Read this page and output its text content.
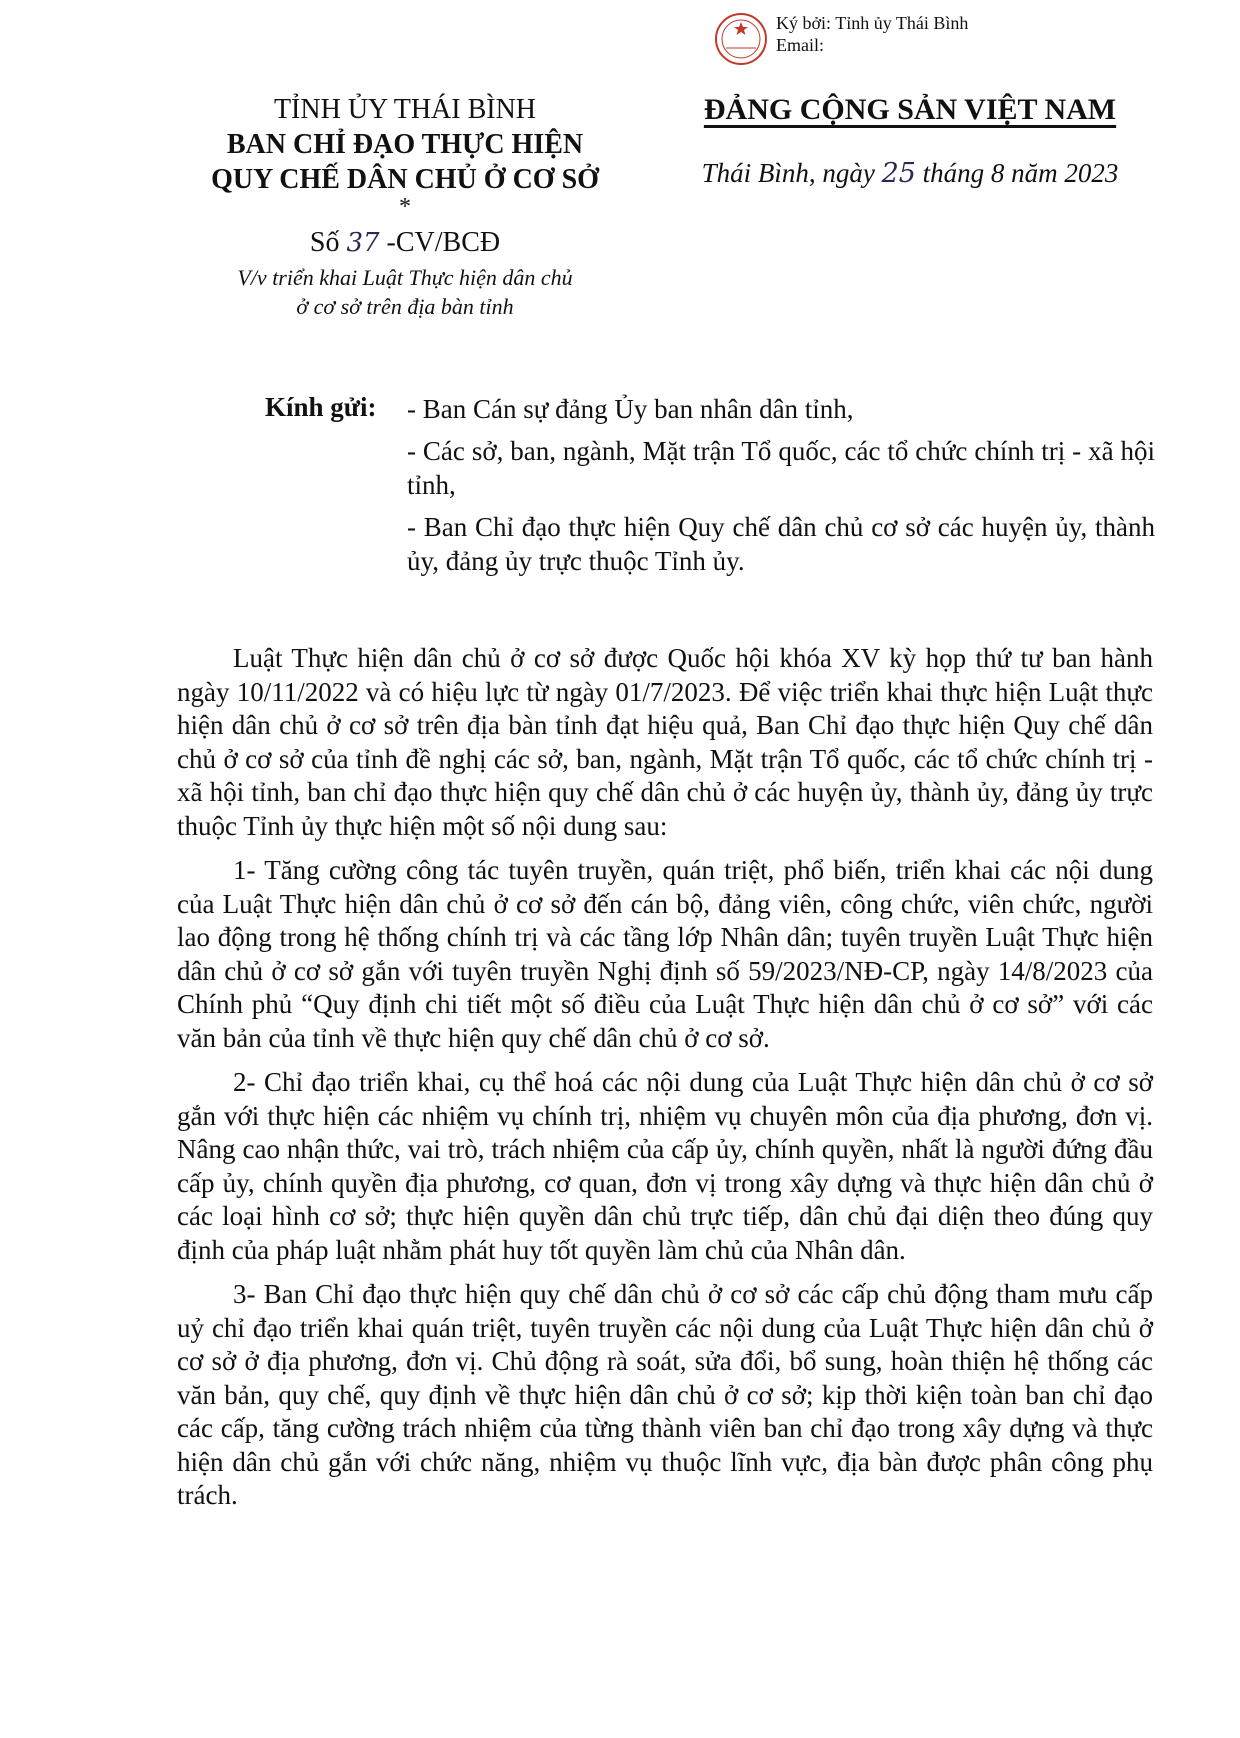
Ký bởi: Tỉnh ủy Thái Bình
Email:
TỈNH ỦY THÁI BÌNH
BAN CHỈ ĐẠO THỰC HIỆN
QUY CHẾ DÂN CHỦ Ở CƠ SỞ
*
Số 37 -CV/BCĐ
V/v triển khai Luật Thực hiện dân chủ
ở cơ sở trên địa bàn tỉnh
ĐẢNG CỘNG SẢN VIỆT NAM
Thái Bình, ngày 25 tháng 8 năm 2023
Kính gửi: - Ban Cán sự đảng Ủy ban nhân dân tỉnh,
- Các sở, ban, ngành, Mặt trận Tổ quốc, các tổ chức chính trị - xã hội tỉnh,
- Ban Chỉ đạo thực hiện Quy chế dân chủ cơ sở các huyện ủy, thành ủy, đảng ủy trực thuộc Tỉnh ủy.

Luật Thực hiện dân chủ ở cơ sở được Quốc hội khóa XV kỳ họp thứ tư ban hành ngày 10/11/2022 và có hiệu lực từ ngày 01/7/2023. Để việc triển khai thực hiện Luật thực hiện dân chủ ở cơ sở trên địa bàn tỉnh đạt hiệu quả, Ban Chỉ đạo thực hiện Quy chế dân chủ ở cơ sở của tỉnh đề nghị các sở, ban, ngành, Mặt trận Tổ quốc, các tổ chức chính trị - xã hội tỉnh, ban chỉ đạo thực hiện quy chế dân chủ ở các huyện ủy, thành ủy, đảng ủy trực thuộc Tỉnh ủy thực hiện một số nội dung sau:

1- Tăng cường công tác tuyên truyền, quán triệt, phổ biến, triển khai các nội dung của Luật Thực hiện dân chủ ở cơ sở đến cán bộ, đảng viên, công chức, viên chức, người lao động trong hệ thống chính trị và các tầng lớp Nhân dân; tuyên truyền Luật Thực hiện dân chủ ở cơ sở gắn với tuyên truyền Nghị định số 59/2023/NĐ-CP, ngày 14/8/2023 của Chính phủ “Quy định chi tiết một số điều của Luật Thực hiện dân chủ ở cơ sở” với các văn bản của tỉnh về thực hiện quy chế dân chủ ở cơ sở.

2- Chỉ đạo triển khai, cụ thể hoá các nội dung của Luật Thực hiện dân chủ ở cơ sở gắn với thực hiện các nhiệm vụ chính trị, nhiệm vụ chuyên môn của địa phương, đơn vị. Nâng cao nhận thức, vai trò, trách nhiệm của cấp ủy, chính quyền, nhất là người đứng đầu cấp ủy, chính quyền địa phương, cơ quan, đơn vị trong xây dựng và thực hiện dân chủ ở các loại hình cơ sở; thực hiện quyền dân chủ trực tiếp, dân chủ đại diện theo đúng quy định của pháp luật nhằm phát huy tốt quyền làm chủ của Nhân dân.

3- Ban Chỉ đạo thực hiện quy chế dân chủ ở cơ sở các cấp chủ động tham mưu cấp uỷ chỉ đạo triển khai quán triệt, tuyên truyền các nội dung của Luật Thực hiện dân chủ ở cơ sở ở địa phương, đơn vị. Chủ động rà soát, sửa đổi, bổ sung, hoàn thiện hệ thống các văn bản, quy chế, quy định về thực hiện dân chủ ở cơ sở; kịp thời kiện toàn ban chỉ đạo các cấp, tăng cường trách nhiệm của từng thành viên ban chỉ đạo trong xây dựng và thực hiện dân chủ gắn với chức năng, nhiệm vụ thuộc lĩnh vực, địa bàn được phân công phụ trách.
